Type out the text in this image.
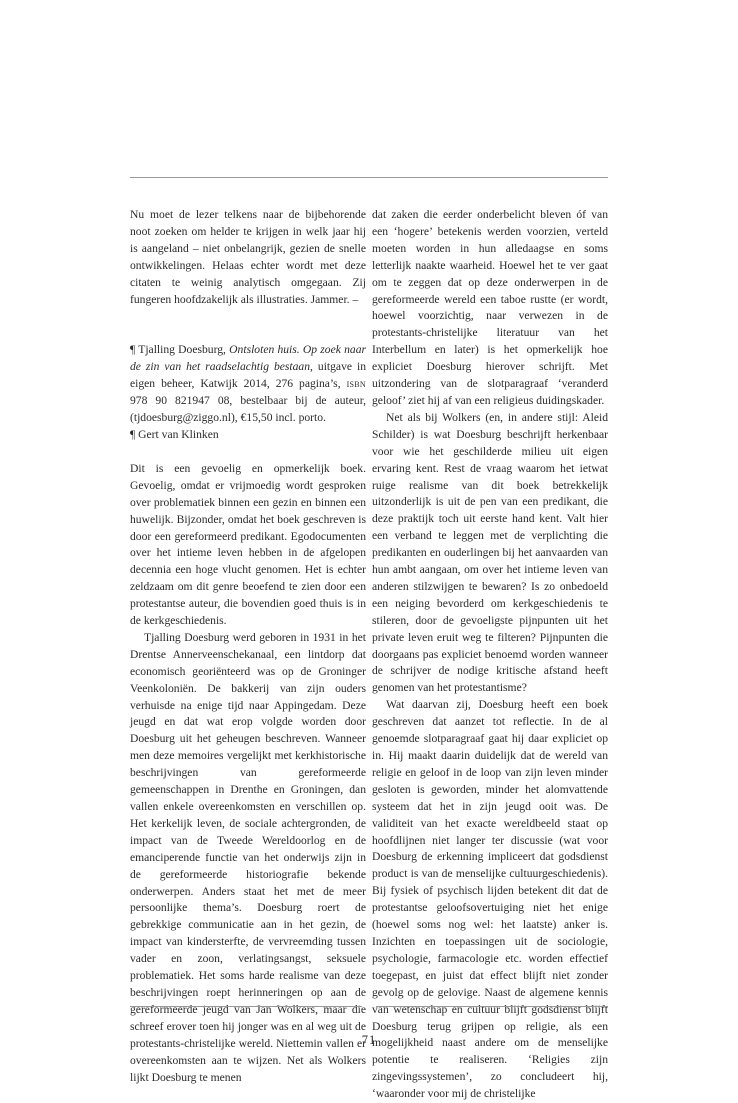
Nu moet de lezer telkens naar de bijbehorende noot zoeken om helder te krijgen in welk jaar hij is aangeland – niet onbelangrijk, gezien de snelle ontwikkelingen. Helaas echter wordt met deze citaten te weinig analytisch omgegaan. Zij fungeren hoofdzakelijk als illustraties. Jammer. –

¶ Tjalling Doesburg, Ontsloten huis. Op zoek naar de zin van het raadselachtig bestaan, uitgave in eigen beheer, Katwijk 2014, 276 pagina’s, isbn 978 90 821947 08, bestelbaar bij de auteur, (tjdoesburg@ziggo.nl), €15,50 incl. porto.

¶ Gert van Klinken

Dit is een gevoelig en opmerkelijk boek. Gevoelig, omdat er vrijmoedig wordt gesproken over problematiek binnen een gezin en binnen een huwelijk. Bijzonder, omdat het boek geschreven is door een gereformeerd predikant. Egodocumenten over het intieme leven hebben in de afgelopen decennia een hoge vlucht genomen. Het is echter zeldzaam om dit genre beoefend te zien door een protestantse auteur, die bovendien goed thuis is in de kerkgeschiedenis.

Tjalling Doesburg werd geboren in 1931 in het Drentse Annerveenschekanaal, een lintdorp dat economisch georiënteerd was op de Groninger Veenkoloniën. De bakkerij van zijn ouders verhuisde na enige tijd naar Appingedam. Deze jeugd en dat wat erop volgde worden door Doesburg uit het geheugen beschreven. Wanneer men deze memoires vergelijkt met kerkhistorische beschrijvingen van gereformeerde gemeenschappen in Drenthe en Groningen, dan vallen enkele overeenkomsten en verschillen op. Het kerkelijk leven, de sociale achtergronden, de impact van de Tweede Wereldoorlog en de emanciperende functie van het onderwijs zijn in de gereformeerde historiografie bekende onderwerpen. Anders staat het met de meer persoonlijke thema’s. Doesburg roert de gebrekkige communicatie aan in het gezin, de impact van kindersterfte, de vervreemding tussen vader en zoon, verlatingsangst, seksuele problematiek. Het soms harde realisme van deze beschrijvingen roept herinneringen op aan de gereformeerde jeugd van Jan Wolkers, maar die schreef erover toen hij jonger was en al weg uit de protestants-christelijke wereld. Niettemin vallen er overeenkomsten aan te wijzen. Net als Wolkers lijkt Doesburg te menen

dat zaken die eerder onderbelicht bleven óf van een ‘hogere’ betekenis werden voorzien, verteld moeten worden in hun alledaagse en soms letterlijk naakte waarheid. Hoewel het te ver gaat om te zeggen dat op deze onderwerpen in de gereformeerde wereld een taboe rustte (er wordt, hoewel voorzichtig, naar verwezen in de protestants-christelijke literatuur van het Interbellum en later) is het opmerkelijk hoe expliciet Doesburg hierover schrijft. Met uitzondering van de slotparagraaf ‘veranderd geloof’ ziet hij af van een religieus duidingskader.

Net als bij Wolkers (en, in andere stijl: Aleid Schilder) is wat Doesburg beschrijft herkenbaar voor wie het geschilderde milieu uit eigen ervaring kent. Rest de vraag waarom het ietwat ruige realisme van dit boek betrekkelijk uitzonderlijk is uit de pen van een predikant, die deze praktijk toch uit eerste hand kent. Valt hier een verband te leggen met de verplichting die predikanten en ouderlingen bij het aanvaarden van hun ambt aangaan, om over het intieme leven van anderen stilzwijgen te bewaren? Is zo onbedoeld een neiging bevorderd om kerkgeschiedenis te stileren, door de gevoeligste pijnpunten uit het private leven eruit weg te filteren? Pijnpunten die doorgaans pas expliciet benoemd worden wanneer de schrijver de nodige kritische afstand heeft genomen van het protestantisme?

Wat daarvan zij, Doesburg heeft een boek geschreven dat aanzet tot reflectie. In de al genoemde slotparagraaf gaat hij daar expliciet op in. Hij maakt daarin duidelijk dat de wereld van religie en geloof in de loop van zijn leven minder gesloten is geworden, minder het alomvattende systeem dat het in zijn jeugd ooit was. De validiteit van het exacte wereldbeeld staat op hoofdlijnen niet langer ter discussie (wat voor Doesburg de erkenning impliceert dat godsdienst product is van de menselijke cultuurgeschiedenis). Bij fysiek of psychisch lijden betekent dit dat de protestantse geloofsovertuiging niet het enige (hoewel soms nog wel: het laatste) anker is. Inzichten en toepassingen uit de sociologie, psychologie, farmacologie etc. worden effectief toegepast, en juist dat effect blijft niet zonder gevolg op de gelovige. Naast de algemene kennis van wetenschap en cultuur blijft godsdienst blijft Doesburg terug grijpen op religie, als een mogelijkheid naast andere om de menselijke potentie te realiseren. ‘Religies zijn zingevingssystemen’, zo concludeert hij, ‘waaronder voor mij de christelijke

71
